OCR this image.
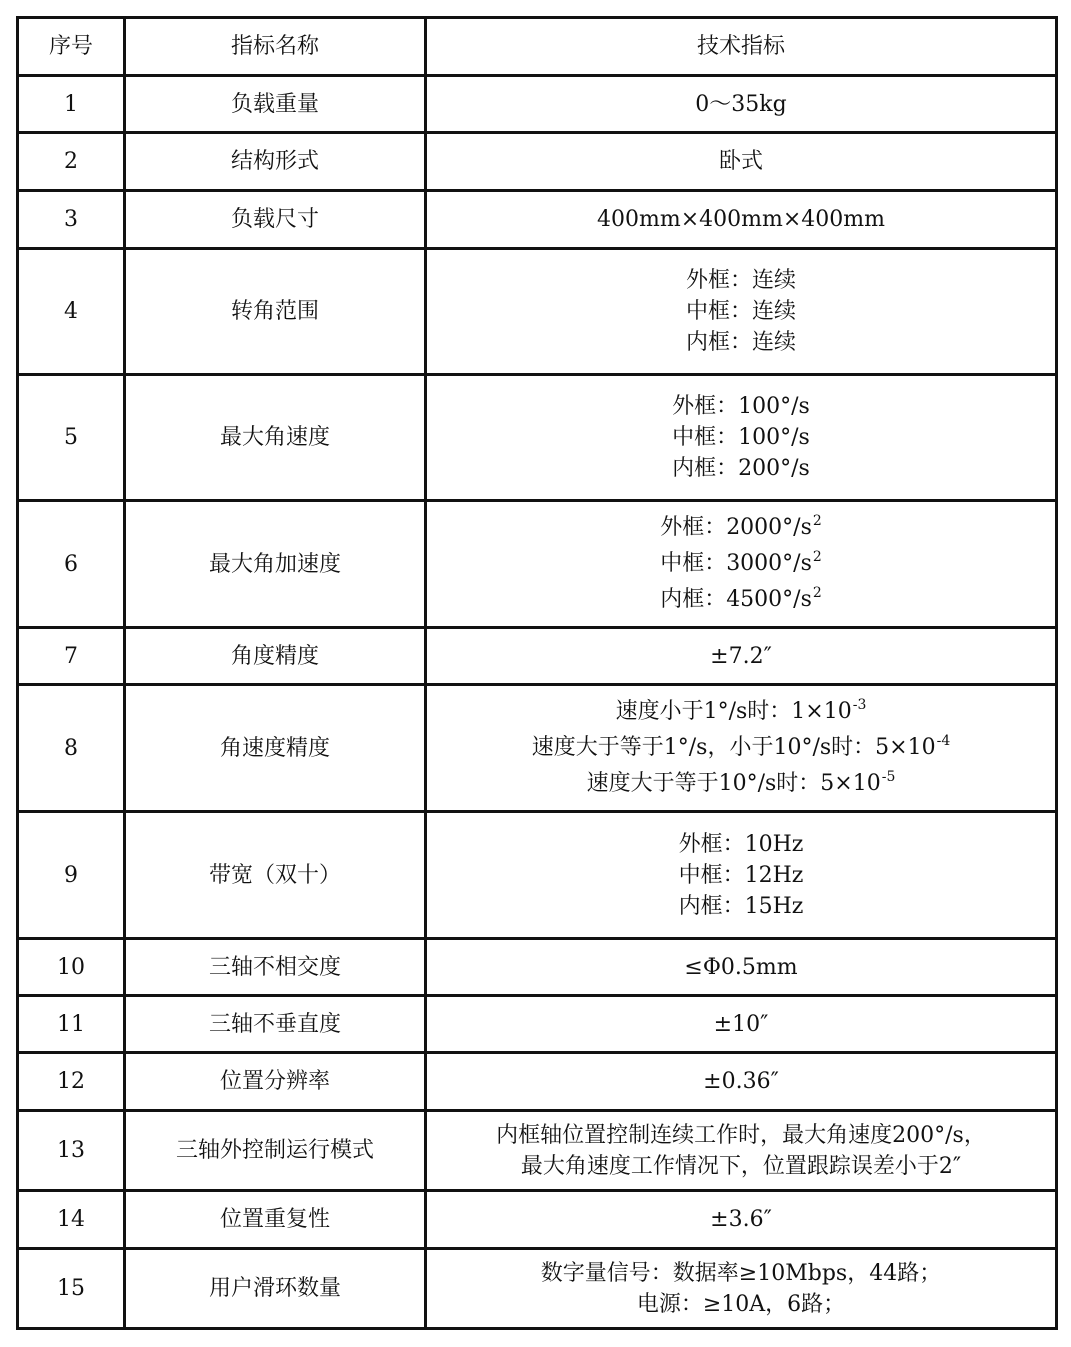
序号	指标名称	技术指标
1	负载重量	0～35kg

2	结构形式	卧式

3	负载尺寸	400mm×400mm×400mm

4	转角范围	外框：连续
中框：连续
内框：连续

5	最大角速度	外框：100°/s
中框：100°/s
内框：200°/s

6	最大角加速度	外框：$2000^\circ/s^2$
中框：$3000^\circ/s^2$
内框：$4500^\circ/s^2$

7	角度精度	±7.2″

8	角速度精度	速度小于1°/s时：$1\times 10^{-3}$
速度大于等于1°/s，小于10°/s时：$5\times 10^{-4}$
速度大于等于10°/s时：$5\times 10^{-5}$

9	带宽（双十）	外框：10Hz
中框：12Hz
内框：15Hz

10	三轴不相交度	≤Φ0.5mm

11	三轴不垂直度	±10″

12	位置分辨率	±0.36″

13	三轴外控制运行模式	内框轴位置控制连续工作时，最大角速度200°/s，
最大角速度工作情况下，位置跟踪误差小于2″

14	位置重复性	±3.6″

15	用户滑环数量	数字量信号：数据率≥10Mbps，44路；
电源：≥10A，6路；
